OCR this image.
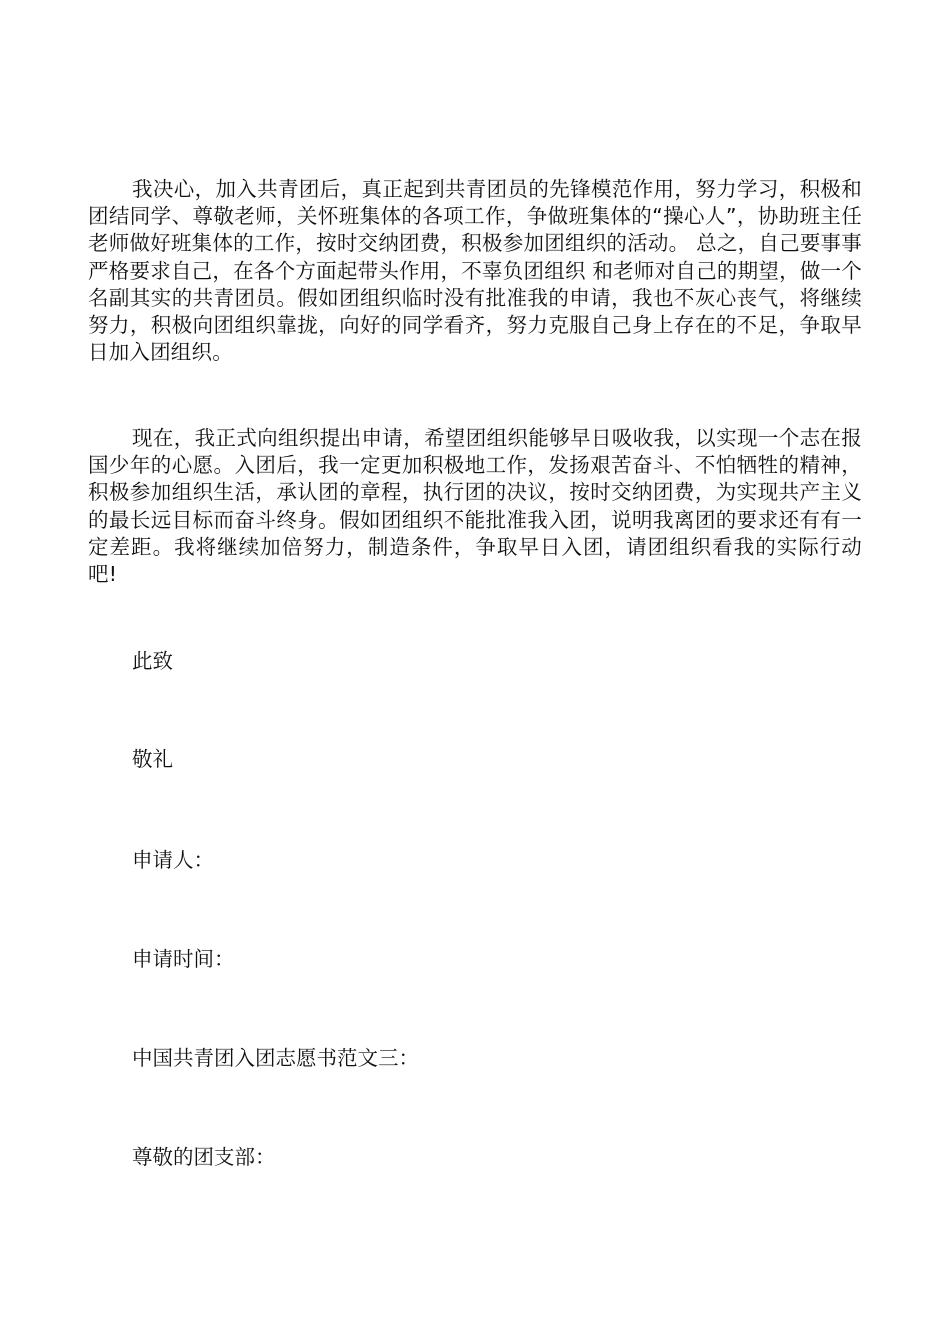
我决心，加入共青团后，真正起到共青团员的先锋模范作用，努力学习，积极和团结同学、尊敬老师，关怀班集体的各项工作，争做班集体的“操心人”，协助班主任 老师做好班集体的工作，按时交纳团费，积极参加团组织的活动。 总之，自己要事事严格要求自己，在各个方面起带头作用，不辜负团组织 和老师对自己的期望，做一个名副其实的共青团员。假如团组织临时没有批准我的申请，我也不灰心丧气，将继续努力，积极向团组织靠拢，向好的同学看齐，努力克服自己身上存在的不足，争取早日加入团组织。

现在，我正式向组织提出申请，希望团组织能够早日吸收我，以实现一个志在报国少年的心愿。入团后，我一定更加积极地工作，发扬艰苦奋斗、不怕牺牲的精神，积极参加组织生活，承认团的章程，执行团的决议，按时交纳团费，为实现共产主义的最长远目标而奋斗终身。假如团组织不能批准我入团，说明我离团的要求还有有一定差距。我将继续加倍努力，制造条件，争取早日入团，请团组织看我的实际行动吧!

此致

敬礼

申请人：

申请时间：

中国共青团入团志愿书范文三：

尊敬的团支部：
